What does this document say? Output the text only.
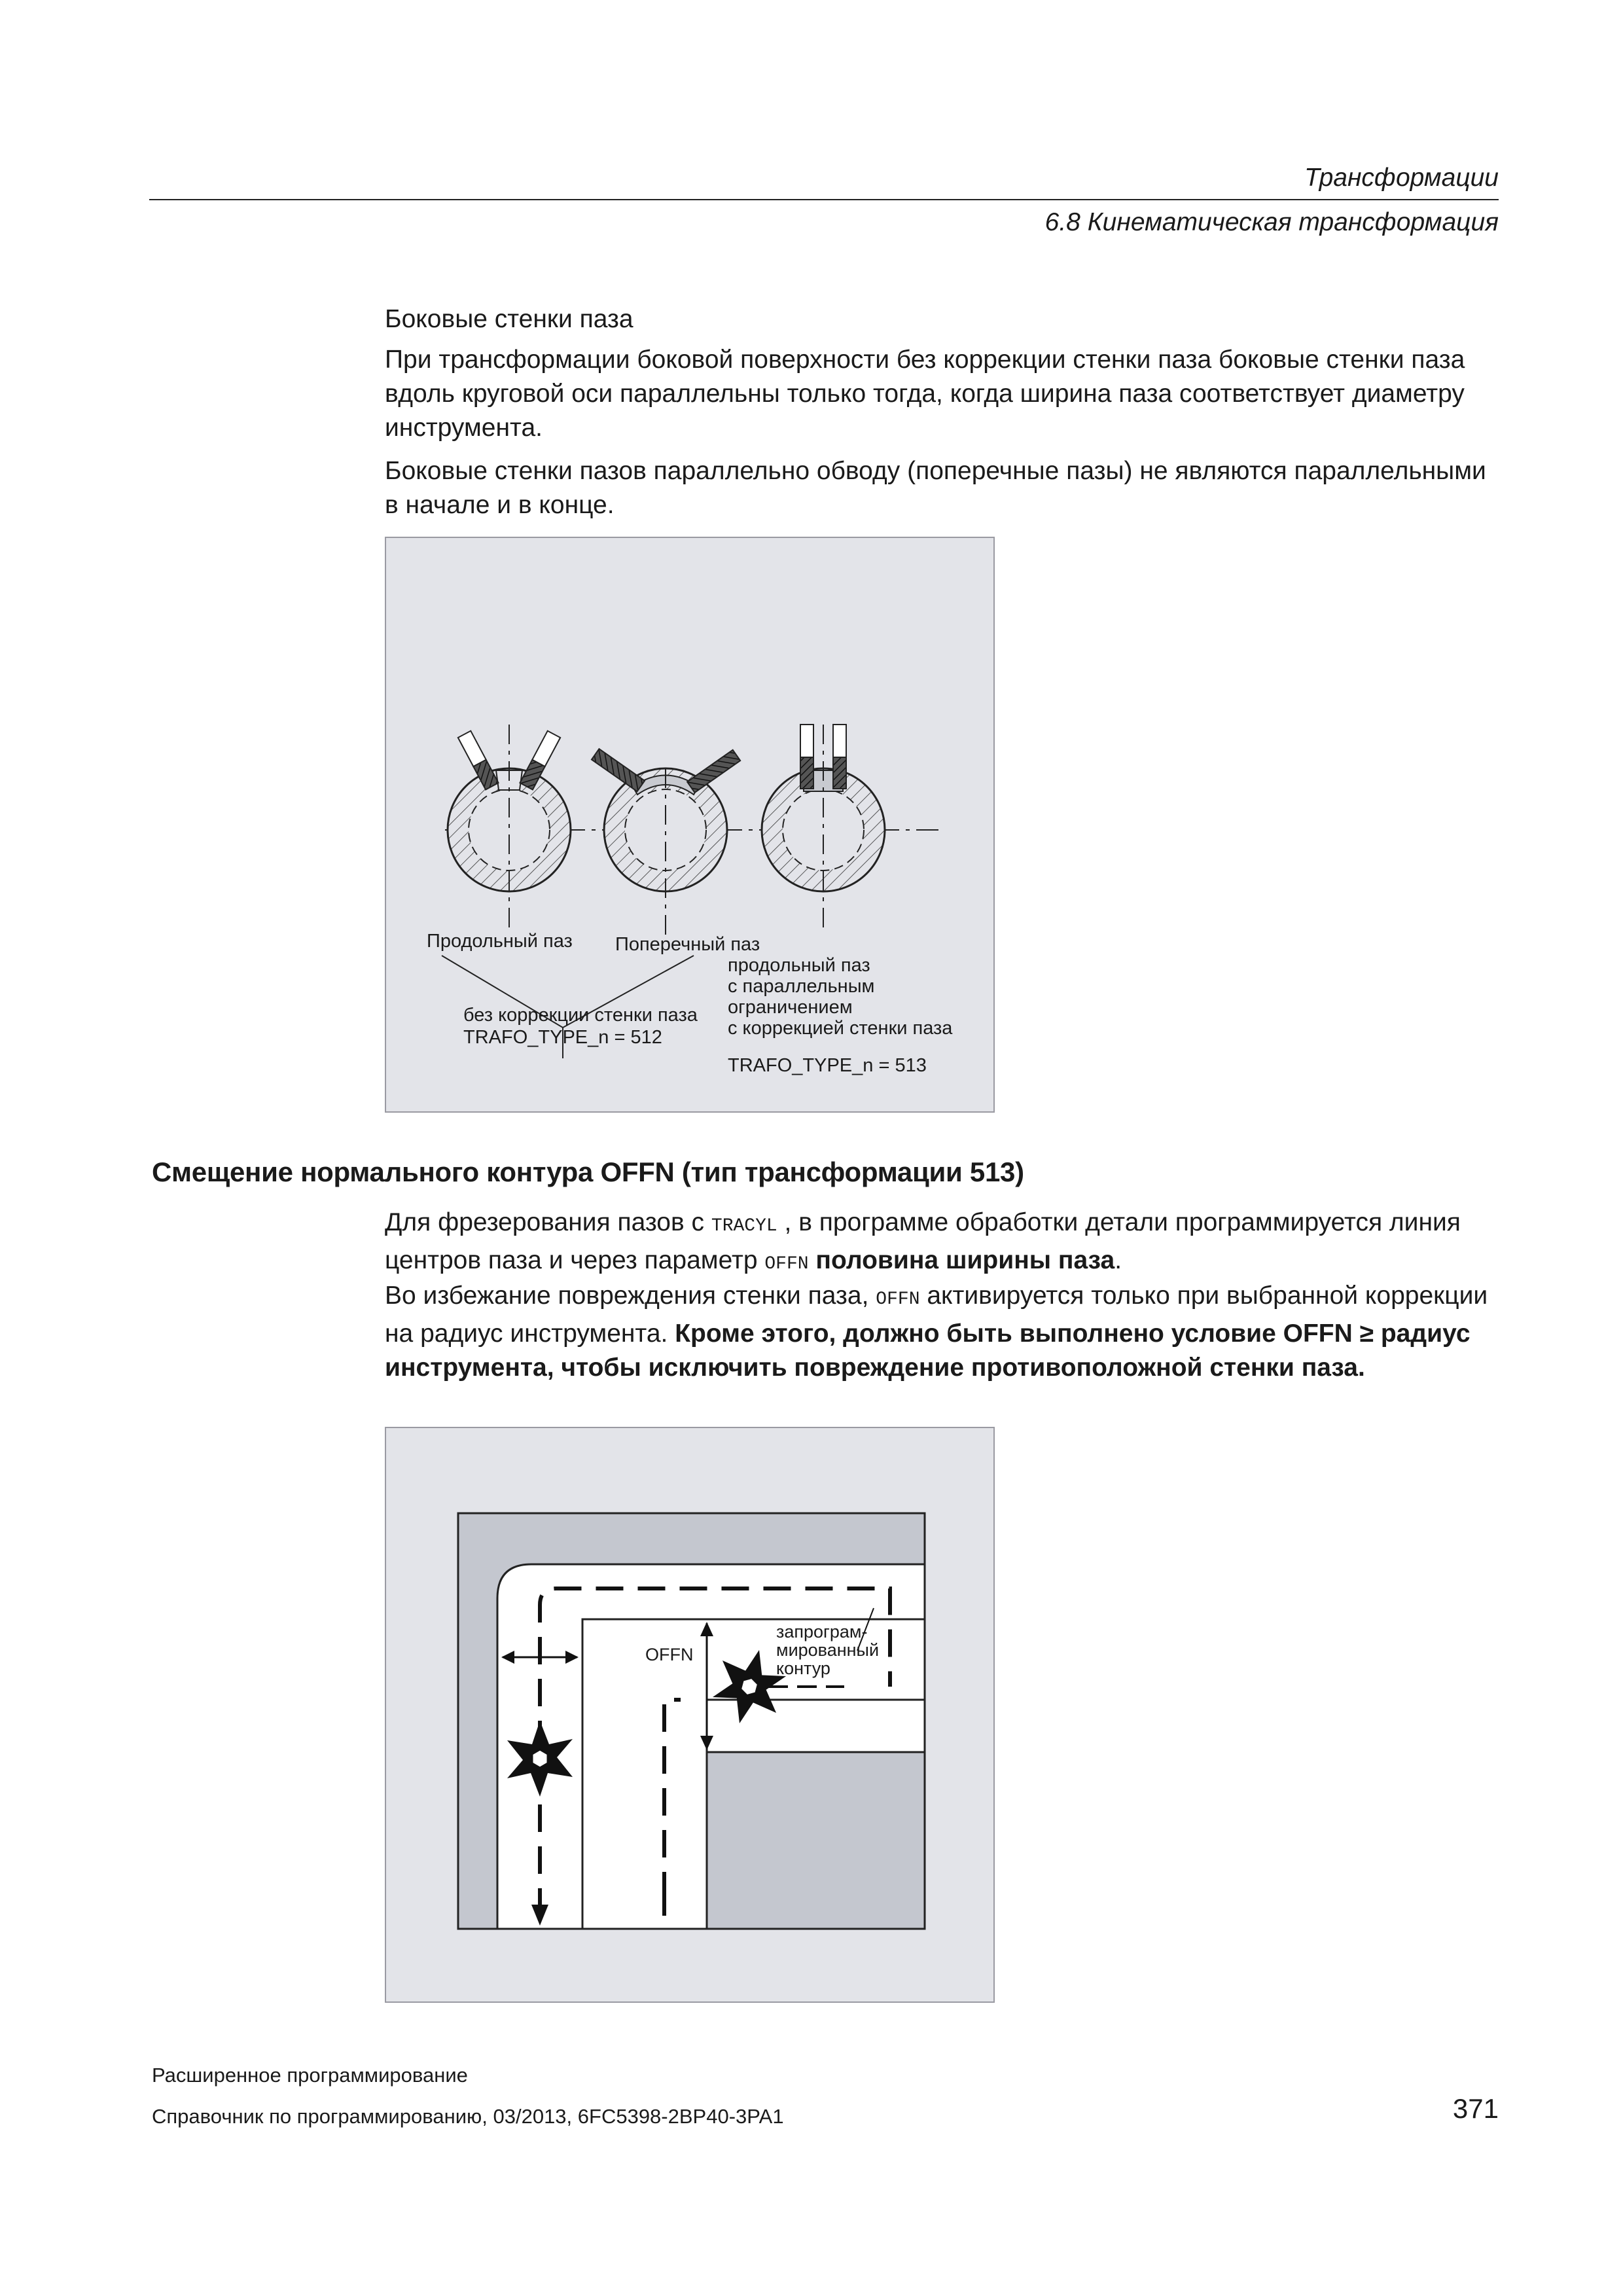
Трансформации
6.8 Кинематическая трансформация
Боковые стенки паза
При трансформации боковой поверхности без коррекции стенки паза боковые стенки паза вдоль круговой оси параллельны только тогда, когда ширина паза соответствует диаметру инструмента.
Боковые стенки пазов параллельно обводу (поперечные пазы) не являются параллельными в начале и в конце.
Продольный паз Поперечный паз
продольный паз
с параллельным
ограничением
с коррекцией стенки паза
TRAFO_TYPE_n = 513
без коррекции стенки паза
TRAFO_TYPE_n = 512
Смещение нормального контура OFFN (тип трансформации 513)
Для фрезерования пазов с TRACYL , в программе обработки детали программируется линия центров паза и через параметр OFFN половина ширины паза.
Во избежание повреждения стенки паза, OFFN активируется только при выбранной коррекции на радиус инструмента. Кроме этого, должно быть выполнено условие OFFN ≥ радиус инструмента, чтобы исключить повреждение противоположной стенки паза.
OFFN
запрограм-
мированный
контур
Расширенное программирование
Справочник по программированию, 03/2013, 6FC5398-2BP40-3PA1	371
